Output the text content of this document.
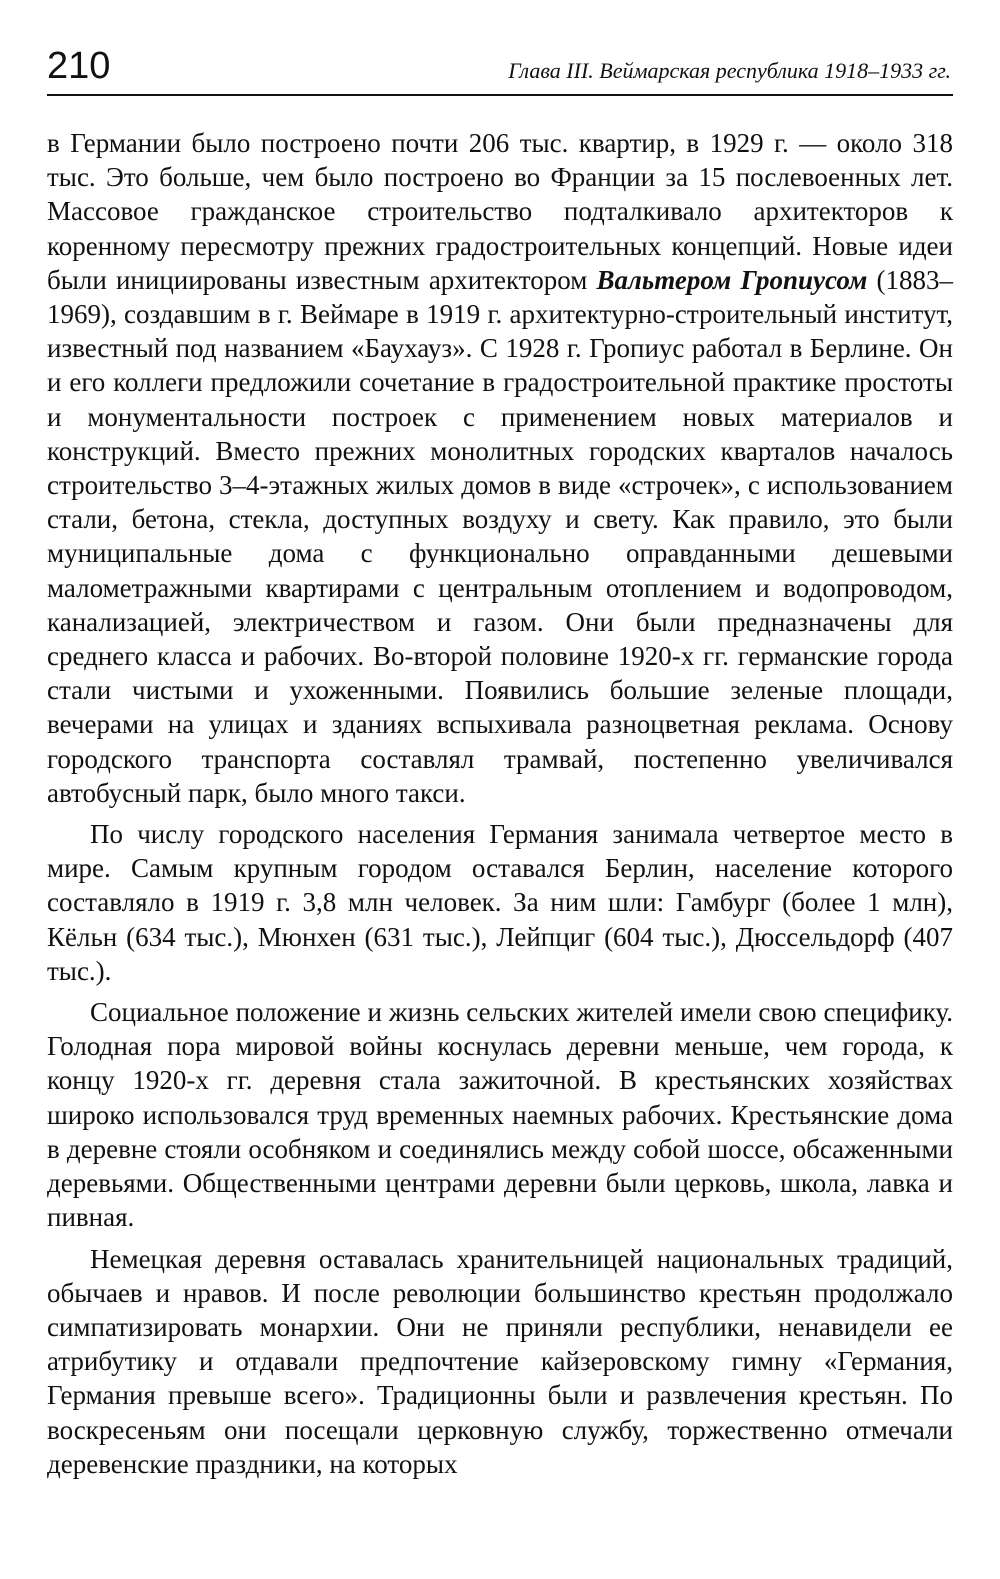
210	Глава III. Веймарская республика 1918–1933 гг.

в Германии было построено почти 206 тыс. квартир, в 1929 г. — около 318 тыс. Это больше, чем было построено во Франции за 15 послевоенных лет. Массовое гражданское строительство подталкивало архитекторов к коренному пересмотру прежних градостроительных концепций. Новые идеи были инициированы известным архитектором Вальтером Гропиусом (1883–1969), создавшим в г. Веймаре в 1919 г. архитектурно-строительный институт, известный под названием «Баухауз». С 1928 г. Гропиус работал в Берлине. Он и его коллеги предложили сочетание в градостроительной практике простоты и монументальности построек с применением новых материалов и конструкций. Вместо прежних монолитных городских кварталов началось строительство 3–4-этажных жилых домов в виде «строчек», с использованием стали, бетона, стекла, доступных воздуху и свету. Как правило, это были муниципальные дома с функционально оправданными дешевыми малометражными квартирами с центральным отоплением и водопроводом, канализацией, электричеством и газом. Они были предназначены для среднего класса и рабочих. Во-второй половине 1920-х гг. германские города стали чистыми и ухоженными. Появились большие зеленые площади, вечерами на улицах и зданиях вспыхивала разноцветная реклама. Основу городского транспорта составлял трамвай, постепенно увеличивался автобусный парк, было много такси.

По числу городского населения Германия занимала четвертое место в мире. Самым крупным городом оставался Берлин, население которого составляло в 1919 г. 3,8 млн человек. За ним шли: Гамбург (более 1 млн), Кёльн (634 тыс.), Мюнхен (631 тыс.), Лейпциг (604 тыс.), Дюссельдорф (407 тыс.).

Социальное положение и жизнь сельских жителей имели свою специфику. Голодная пора мировой войны коснулась деревни меньше, чем города, к концу 1920-х гг. деревня стала зажиточной. В крестьянских хозяйствах широко использовался труд временных наемных рабочих. Крестьянские дома в деревне стояли особняком и соединялись между собой шоссе, обсаженными деревьями. Общественными центрами деревни были церковь, школа, лавка и пивная.

Немецкая деревня оставалась хранительницей национальных традиций, обычаев и нравов. И после революции большинство крестьян продолжало симпатизировать монархии. Они не приняли республики, ненавидели ее атрибутику и отдавали предпочтение кайзеровскому гимну «Германия, Германия превыше всего». Традиционны были и развлечения крестьян. По воскресеньям они посещали церковную службу, торжественно отмечали деревенские праздники, на которых
